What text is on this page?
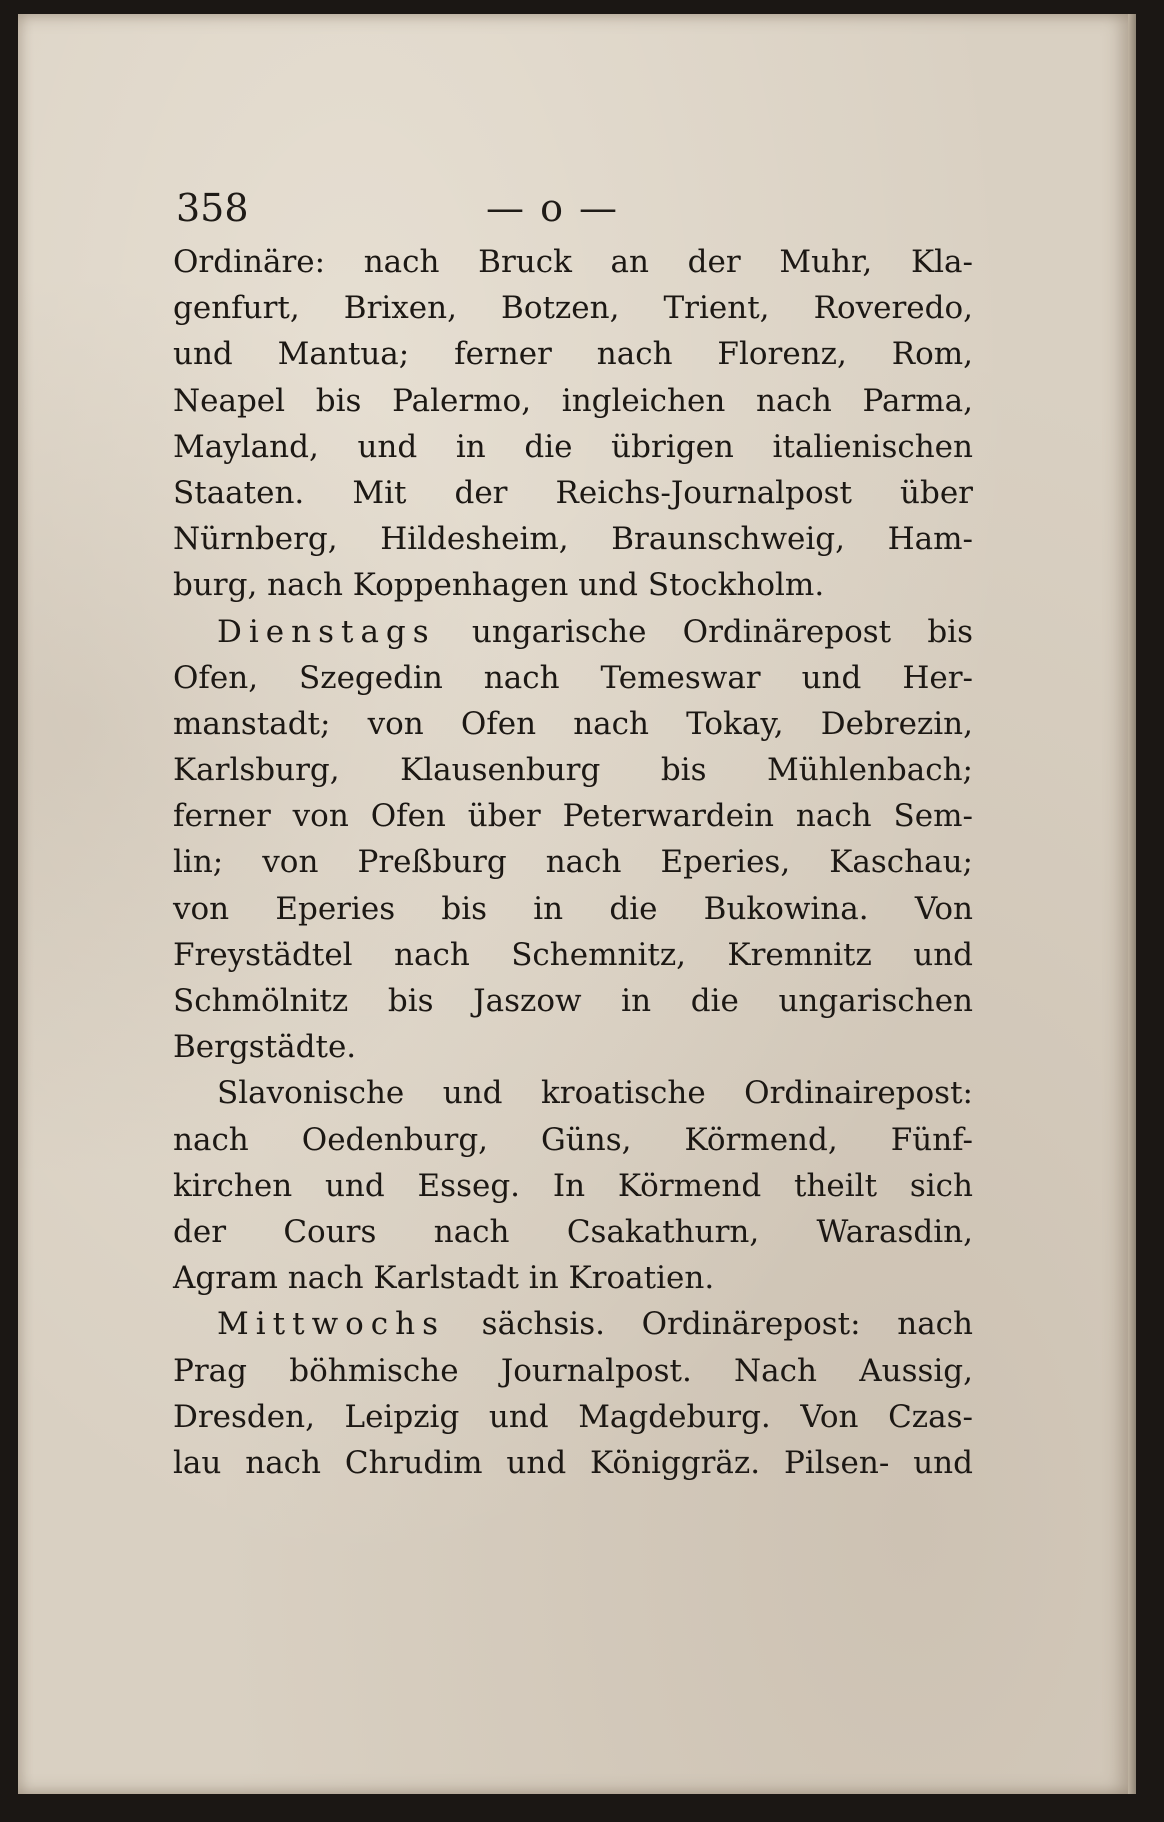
358	— o —
Ordinäre: nach Bruck an der Muhr, Kla-
genfurt, Brixen, Botzen, Trient, Roveredo,
und Mantua; ferner nach Florenz, Rom,
Neapel bis Palermo, ingleichen nach Parma,
Mayland, und in die übrigen italienischen
Staaten. Mit der Reichs-Journalpost über
Nürnberg, Hildesheim, Braunschweig, Ham-
burg, nach Koppenhagen und Stockholm.
Dienstags ungarische Ordinärepost bis
Ofen, Szegedin nach Temeswar und Her-
manstadt; von Ofen nach Tokay, Debrezin,
Karlsburg, Klausenburg bis Mühlenbach;
ferner von Ofen über Peterwardein nach Sem-
lin; von Preßburg nach Eperies, Kaschau;
von Eperies bis in die Bukowina. Von
Freystädtel nach Schemnitz, Kremnitz und
Schmölnitz bis Jaszow in die ungarischen
Bergstädte.
Slavonische und kroatische Ordinairepost:
nach Oedenburg, Güns, Körmend, Fünf-
kirchen und Esseg. In Körmend theilt sich
der Cours nach Csakathurn, Warasdin,
Agram nach Karlstadt in Kroatien.
Mittwochs sächsis. Ordinärepost: nach
Prag böhmische Journalpost. Nach Aussig,
Dresden, Leipzig und Magdeburg. Von Czas-
lau nach Chrudim und Königgräz. Pilsen- und
